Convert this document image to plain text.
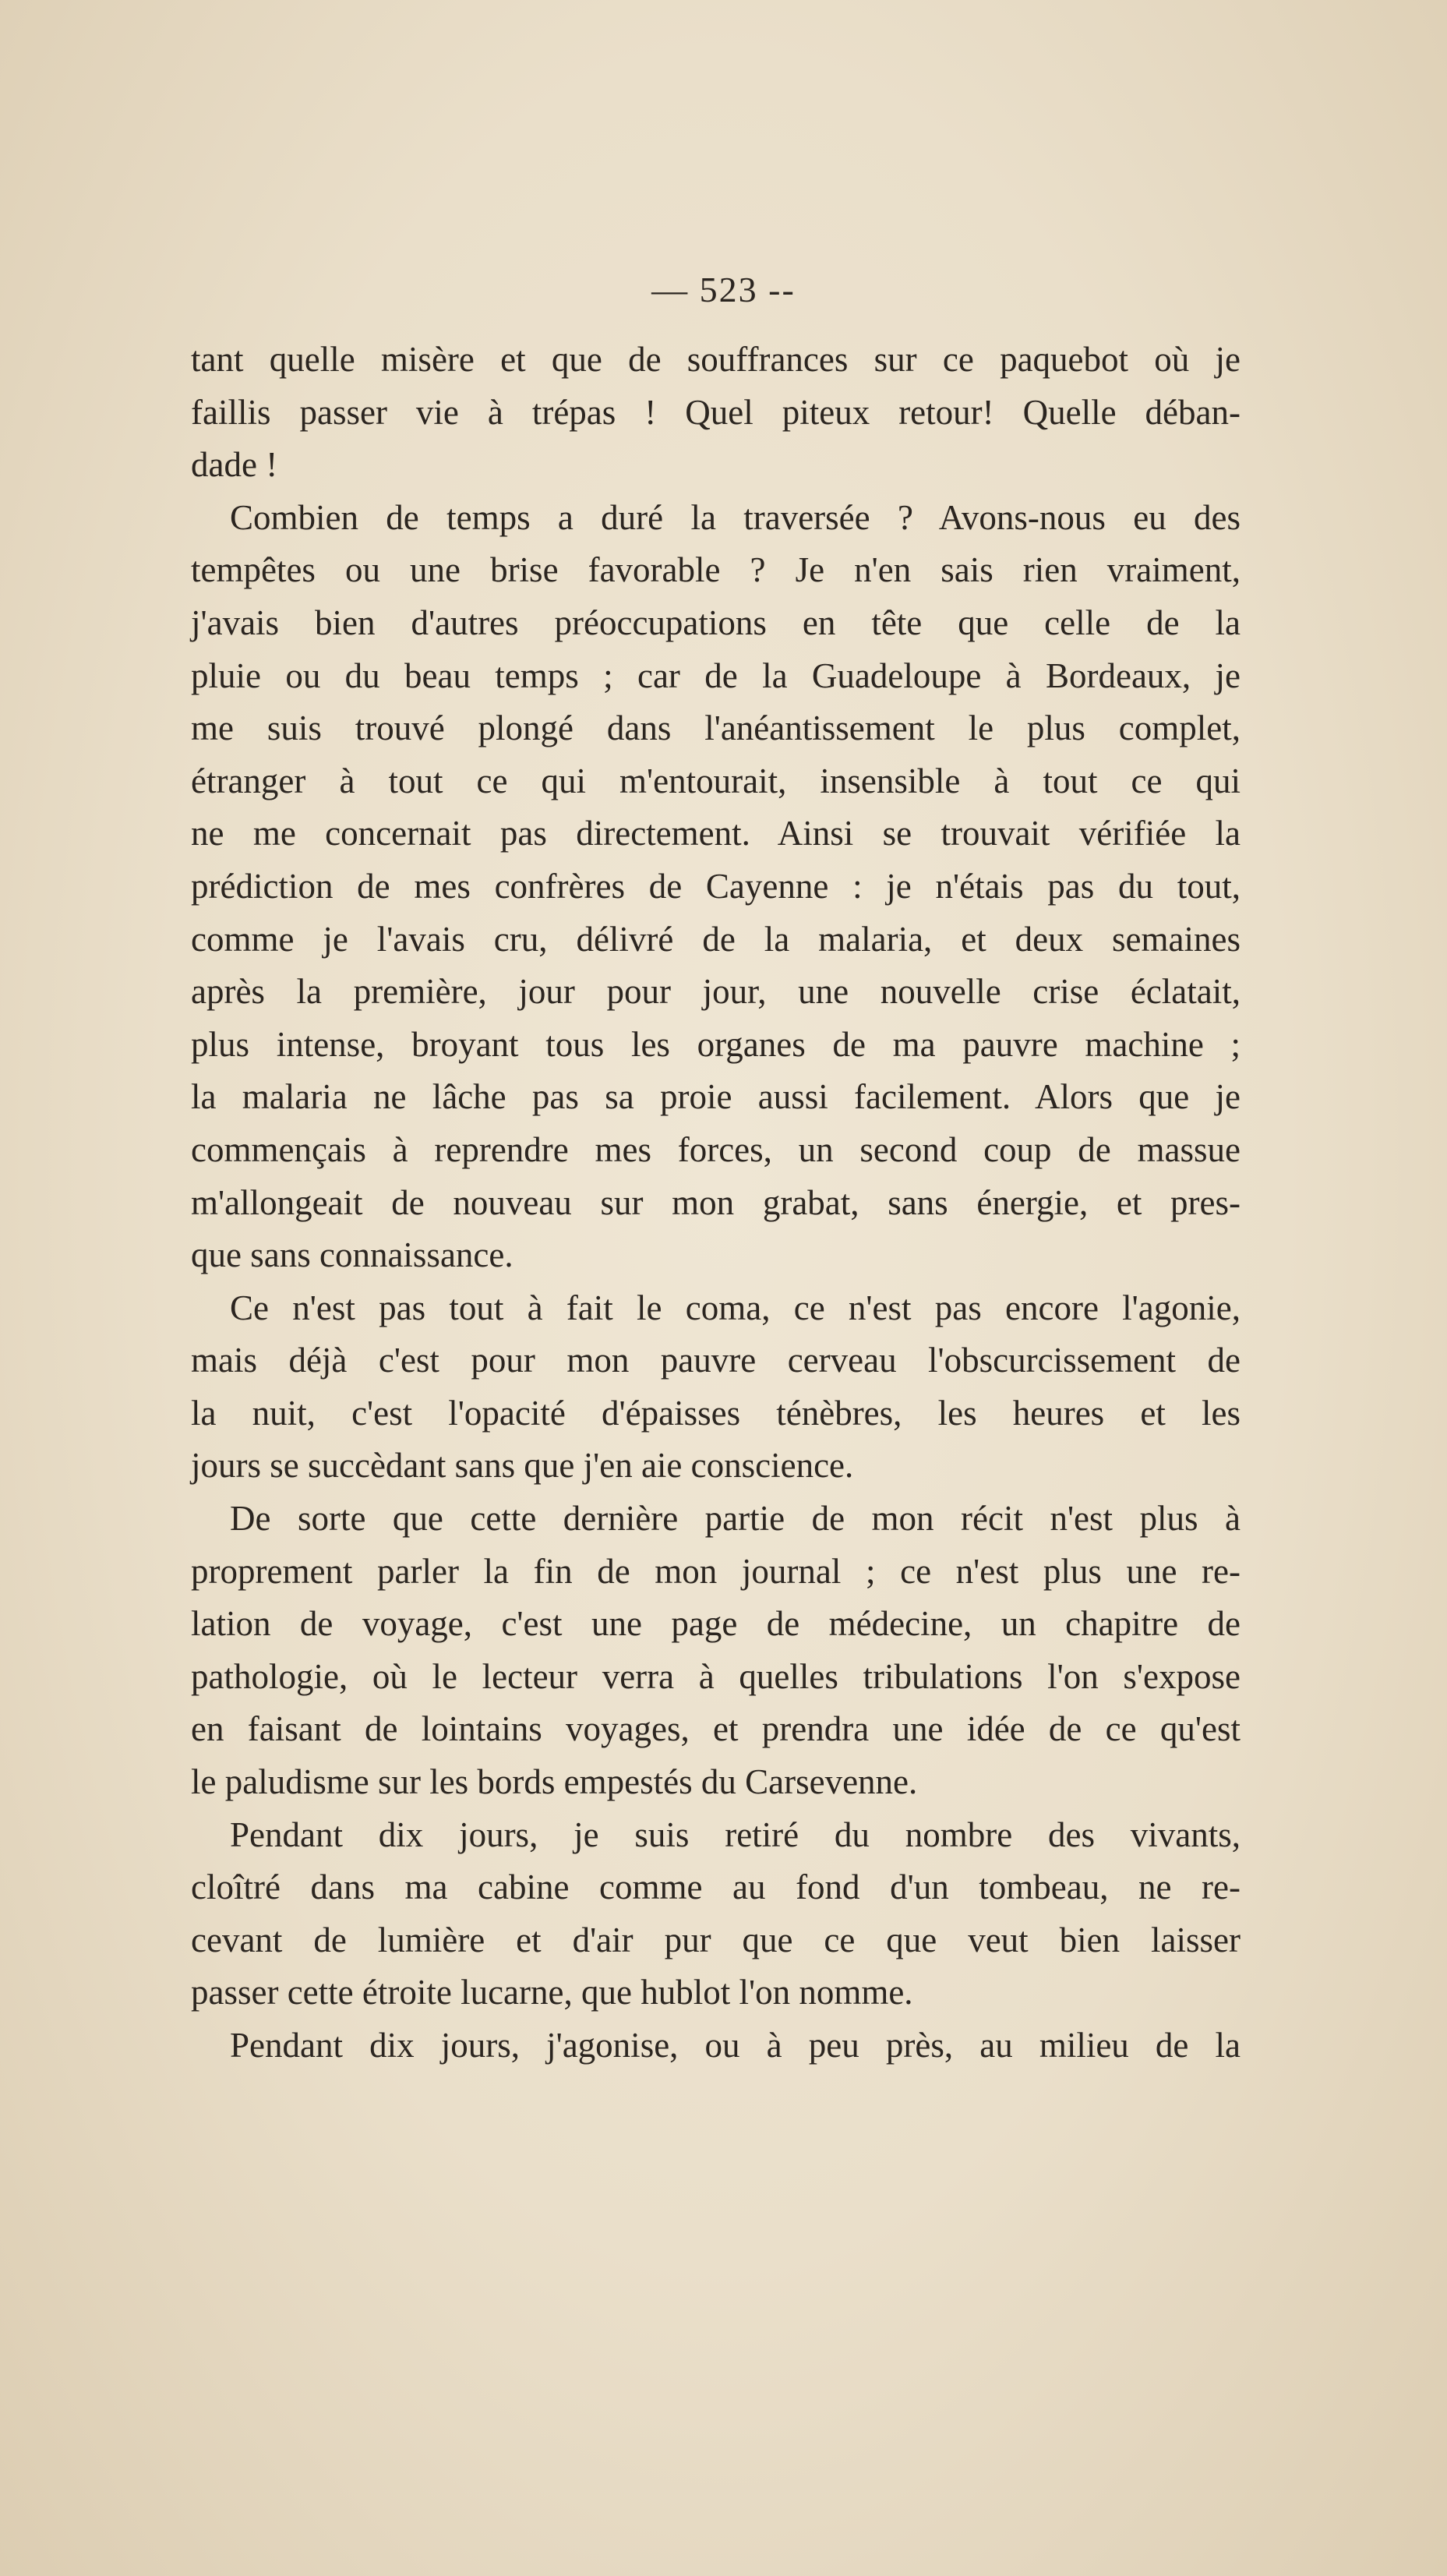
— 523 --
tant quelle misère et que de souffrances sur ce paquebot où je
faillis passer vie à trépas ! Quel piteux retour! Quelle déban-
dade !
Combien de temps a duré la traversée ? Avons-nous eu des
tempêtes ou une brise favorable ? Je n'en sais rien vraiment,
j'avais bien d'autres préoccupations en tête que celle de la
pluie ou du beau temps ; car de la Guadeloupe à Bordeaux, je
me suis trouvé plongé dans l'anéantissement le plus complet,
étranger à tout ce qui m'entourait, insensible à tout ce qui
ne me concernait pas directement. Ainsi se trouvait vérifiée la
prédiction de mes confrères de Cayenne : je n'étais pas du tout,
comme je l'avais cru, délivré de la malaria, et deux semaines
après la première, jour pour jour, une nouvelle crise éclatait,
plus intense, broyant tous les organes de ma pauvre machine ;
la malaria ne lâche pas sa proie aussi facilement. Alors que je
commençais à reprendre mes forces, un second coup de massue
m'allongeait de nouveau sur mon grabat, sans énergie, et pres-
que sans connaissance.
Ce n'est pas tout à fait le coma, ce n'est pas encore l'agonie,
mais déjà c'est pour mon pauvre cerveau l'obscurcissement de
la nuit, c'est l'opacité d'épaisses ténèbres, les heures et les
jours se succèdant sans que j'en aie conscience.
De sorte que cette dernière partie de mon récit n'est plus à
proprement parler la fin de mon journal ; ce n'est plus une re-
lation de voyage, c'est une page de médecine, un chapitre de
pathologie, où le lecteur verra à quelles tribulations l'on s'expose
en faisant de lointains voyages, et prendra une idée de ce qu'est
le paludisme sur les bords empestés du Carsevenne.
Pendant dix jours, je suis retiré du nombre des vivants,
cloîtré dans ma cabine comme au fond d'un tombeau, ne re-
cevant de lumière et d'air pur que ce que veut bien laisser
passer cette étroite lucarne, que hublot l'on nomme.
Pendant dix jours, j'agonise, ou à peu près, au milieu de la
